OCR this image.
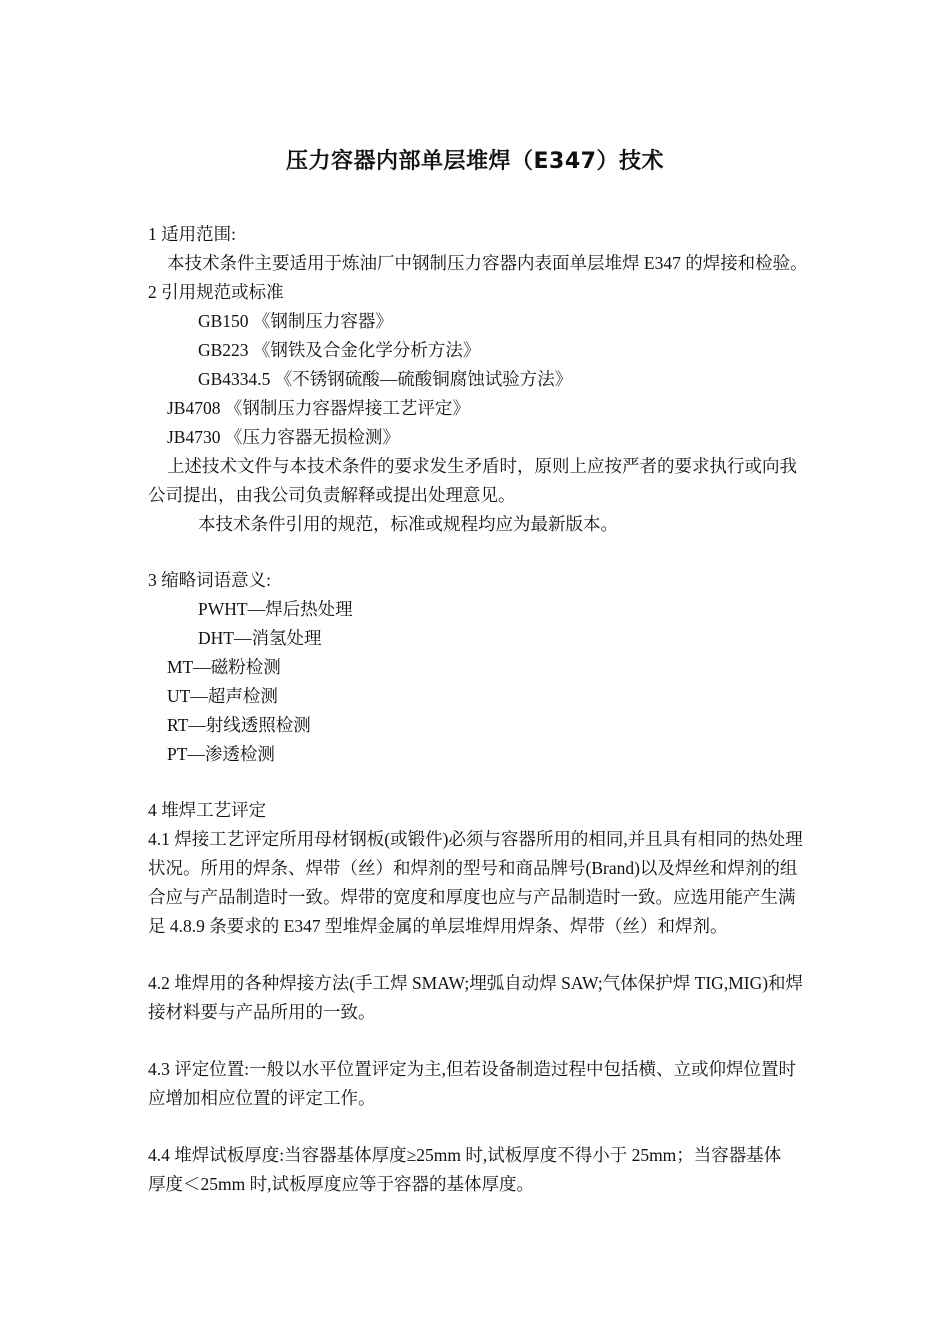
压力容器内部单层堆焊（E347）技术
1 适用范围:
本技术条件主要适用于炼油厂中钢制压力容器内表面单层堆焊 E347 的焊接和检验。
2 引用规范或标准
GB150 《钢制压力容器》
GB223 《钢铁及合金化学分析方法》
GB4334.5 《不锈钢硫酸—硫酸铜腐蚀试验方法》
JB4708 《钢制压力容器焊接工艺评定》
JB4730 《压力容器无损检测》
上述技术文件与本技术条件的要求发生矛盾时，原则上应按严者的要求执行或向我
公司提出，由我公司负责解释或提出处理意见。
本技术条件引用的规范，标准或规程均应为最新版本。
3 缩略词语意义:
PWHT—焊后热处理
DHT—消氢处理
MT—磁粉检测
UT—超声检测
RT—射线透照检测
PT—渗透检测
4 堆焊工艺评定
4.1 焊接工艺评定所用母材钢板(或锻件)必须与容器所用的相同,并且具有相同的热处理
状况。所用的焊条、焊带（丝）和焊剂的型号和商品牌号(Brand)以及焊丝和焊剂的组
合应与产品制造时一致。焊带的宽度和厚度也应与产品制造时一致。应选用能产生满
足 4.8.9 条要求的 E347 型堆焊金属的单层堆焊用焊条、焊带（丝）和焊剂。
4.2 堆焊用的各种焊接方法(手工焊 SMAW;埋弧自动焊 SAW;气体保护焊 TIG,MIG)和焊
接材料要与产品所用的一致。
4.3 评定位置:一般以水平位置评定为主,但若设备制造过程中包括横、立或仰焊位置时
应增加相应位置的评定工作。
4.4 堆焊试板厚度:当容器基体厚度≥25mm 时,试板厚度不得小于 25mm；当容器基体
厚度＜25mm 时,试板厚度应等于容器的基体厚度。
